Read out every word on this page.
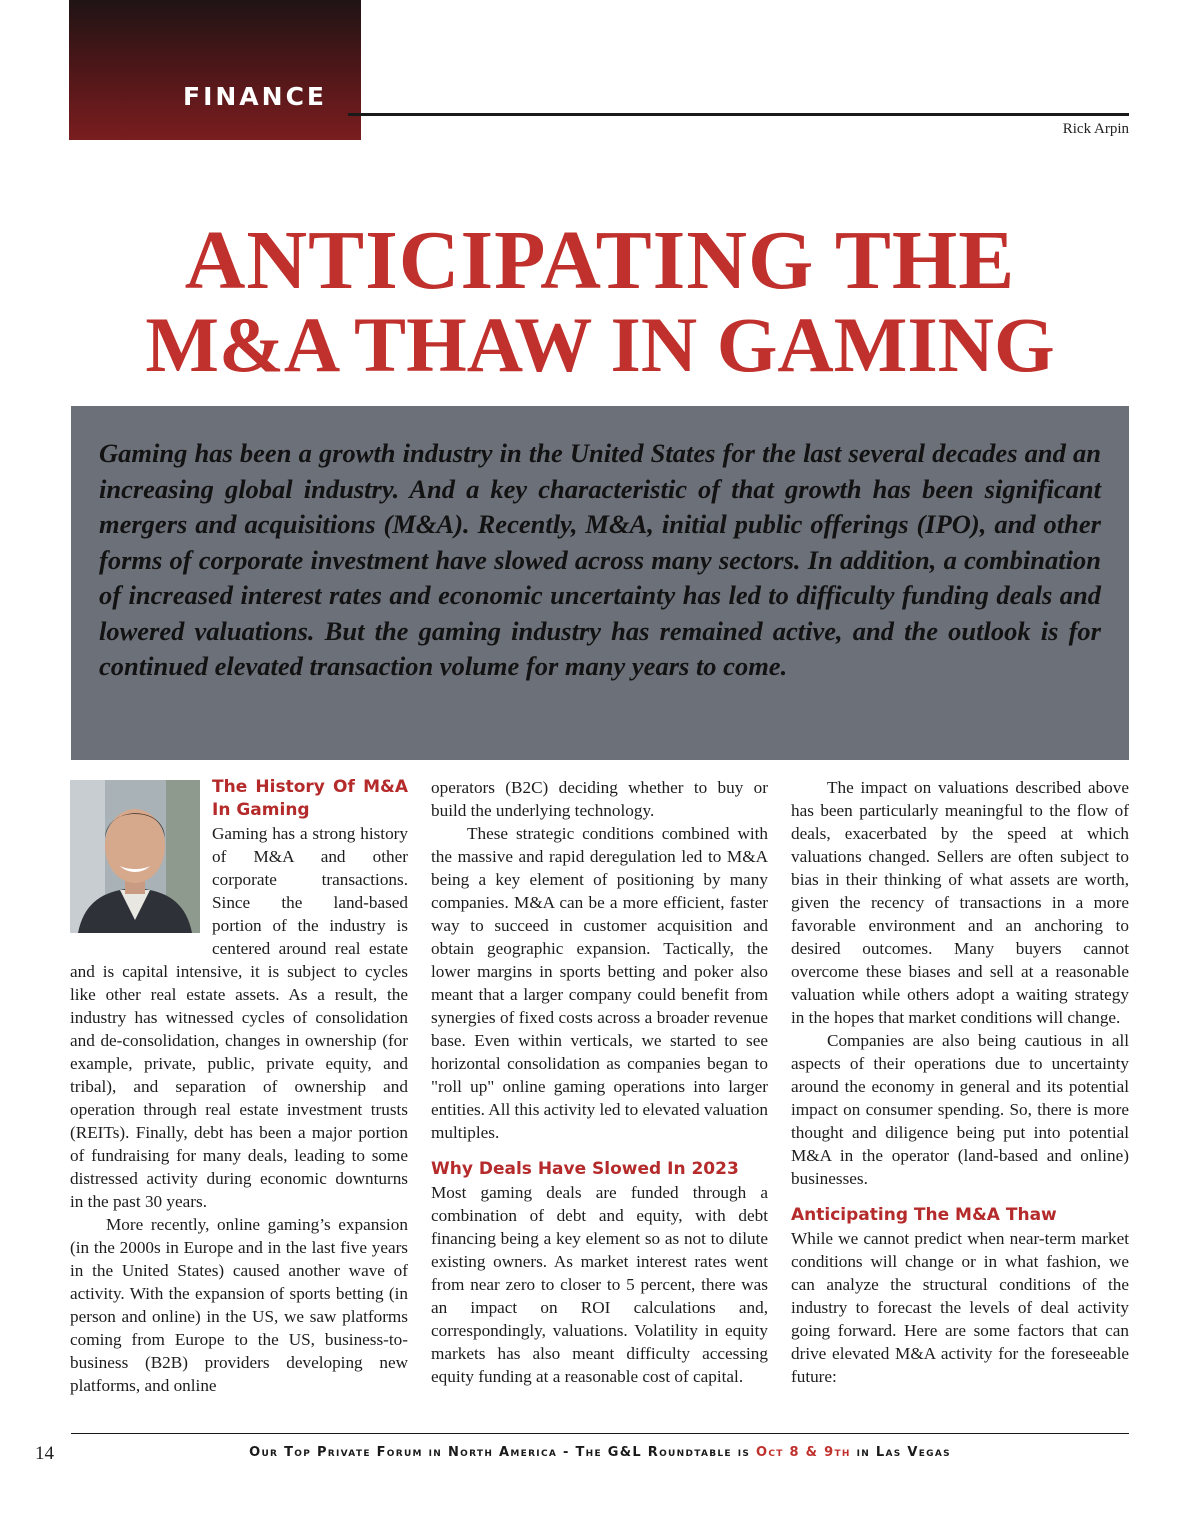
FINANCE
Rick Arpin
ANTICIPATING THE
M&A THAW IN GAMING

Gaming has been a growth industry in the United States for the last several decades and an increasing global industry. And a key characteristic of that growth has been significant mergers and acquisitions (M&A). Recently, M&A, initial public offerings (IPO), and other forms of corporate investment have slowed across many sectors. In addition, a combination of increased interest rates and economic uncertainty has led to difficulty funding deals and lowered valuations. But the gaming industry has remained active, and the outlook is for continued elevated transaction volume for many years to come.

The History Of M&A In Gaming

Gaming has a strong history of M&A and other corporate transactions. Since the land-based portion of the industry is centered around real estate and is capital intensive, it is subject to cycles like other real estate assets. As a result, the industry has witnessed cycles of consolidation and de-consolidation, changes in ownership (for example, private, public, private equity, and tribal), and separation of ownership and operation through real estate investment trusts (REITs). Finally, debt has been a major portion of fundraising for many deals, leading to some distressed activity during economic downturns in the past 30 years.

More recently, online gaming’s expansion (in the 2000s in Europe and in the last five years in the United States) caused another wave of activity. With the expansion of sports betting (in person and online) in the US, we saw platforms coming from Europe to the US, business-to-business (B2B) providers developing new platforms, and online

operators (B2C) deciding whether to buy or build the underlying technology.

These strategic conditions combined with the massive and rapid deregulation led to M&A being a key element of positioning by many companies. M&A can be a more efficient, faster way to succeed in customer acquisition and obtain geographic expansion. Tactically, the lower margins in sports betting and poker also meant that a larger company could benefit from synergies of fixed costs across a broader revenue base. Even within verticals, we started to see horizontal consolidation as companies began to "roll up" online gaming operations into larger entities. All this activity led to elevated valuation multiples.

Why Deals Have Slowed In 2023

Most gaming deals are funded through a combination of debt and equity, with debt financing being a key element so as not to dilute existing owners. As market interest rates went from near zero to closer to 5 percent, there was an impact on ROI calculations and, correspondingly, valuations. Volatility in equity markets has also meant difficulty accessing equity funding at a reasonable cost of capital.

The impact on valuations described above has been particularly meaningful to the flow of deals, exacerbated by the speed at which valuations changed. Sellers are often subject to bias in their thinking of what assets are worth, given the recency of transactions in a more favorable environment and an anchoring to desired outcomes. Many buyers cannot overcome these biases and sell at a reasonable valuation while others adopt a waiting strategy in the hopes that market conditions will change.

Companies are also being cautious in all aspects of their operations due to uncertainty around the economy in general and its potential impact on consumer spending. So, there is more thought and diligence being put into potential M&A in the operator (land-based and online) businesses.

Anticipating The M&A Thaw

While we cannot predict when near-term market conditions will change or in what fashion, we can analyze the structural conditions of the industry to forecast the levels of deal activity going forward. Here are some factors that can drive elevated M&A activity for the foreseeable future:

14	Our Top Private Forum in North America - The G&L Roundtable is Oct 8 & 9th in Las Vegas
